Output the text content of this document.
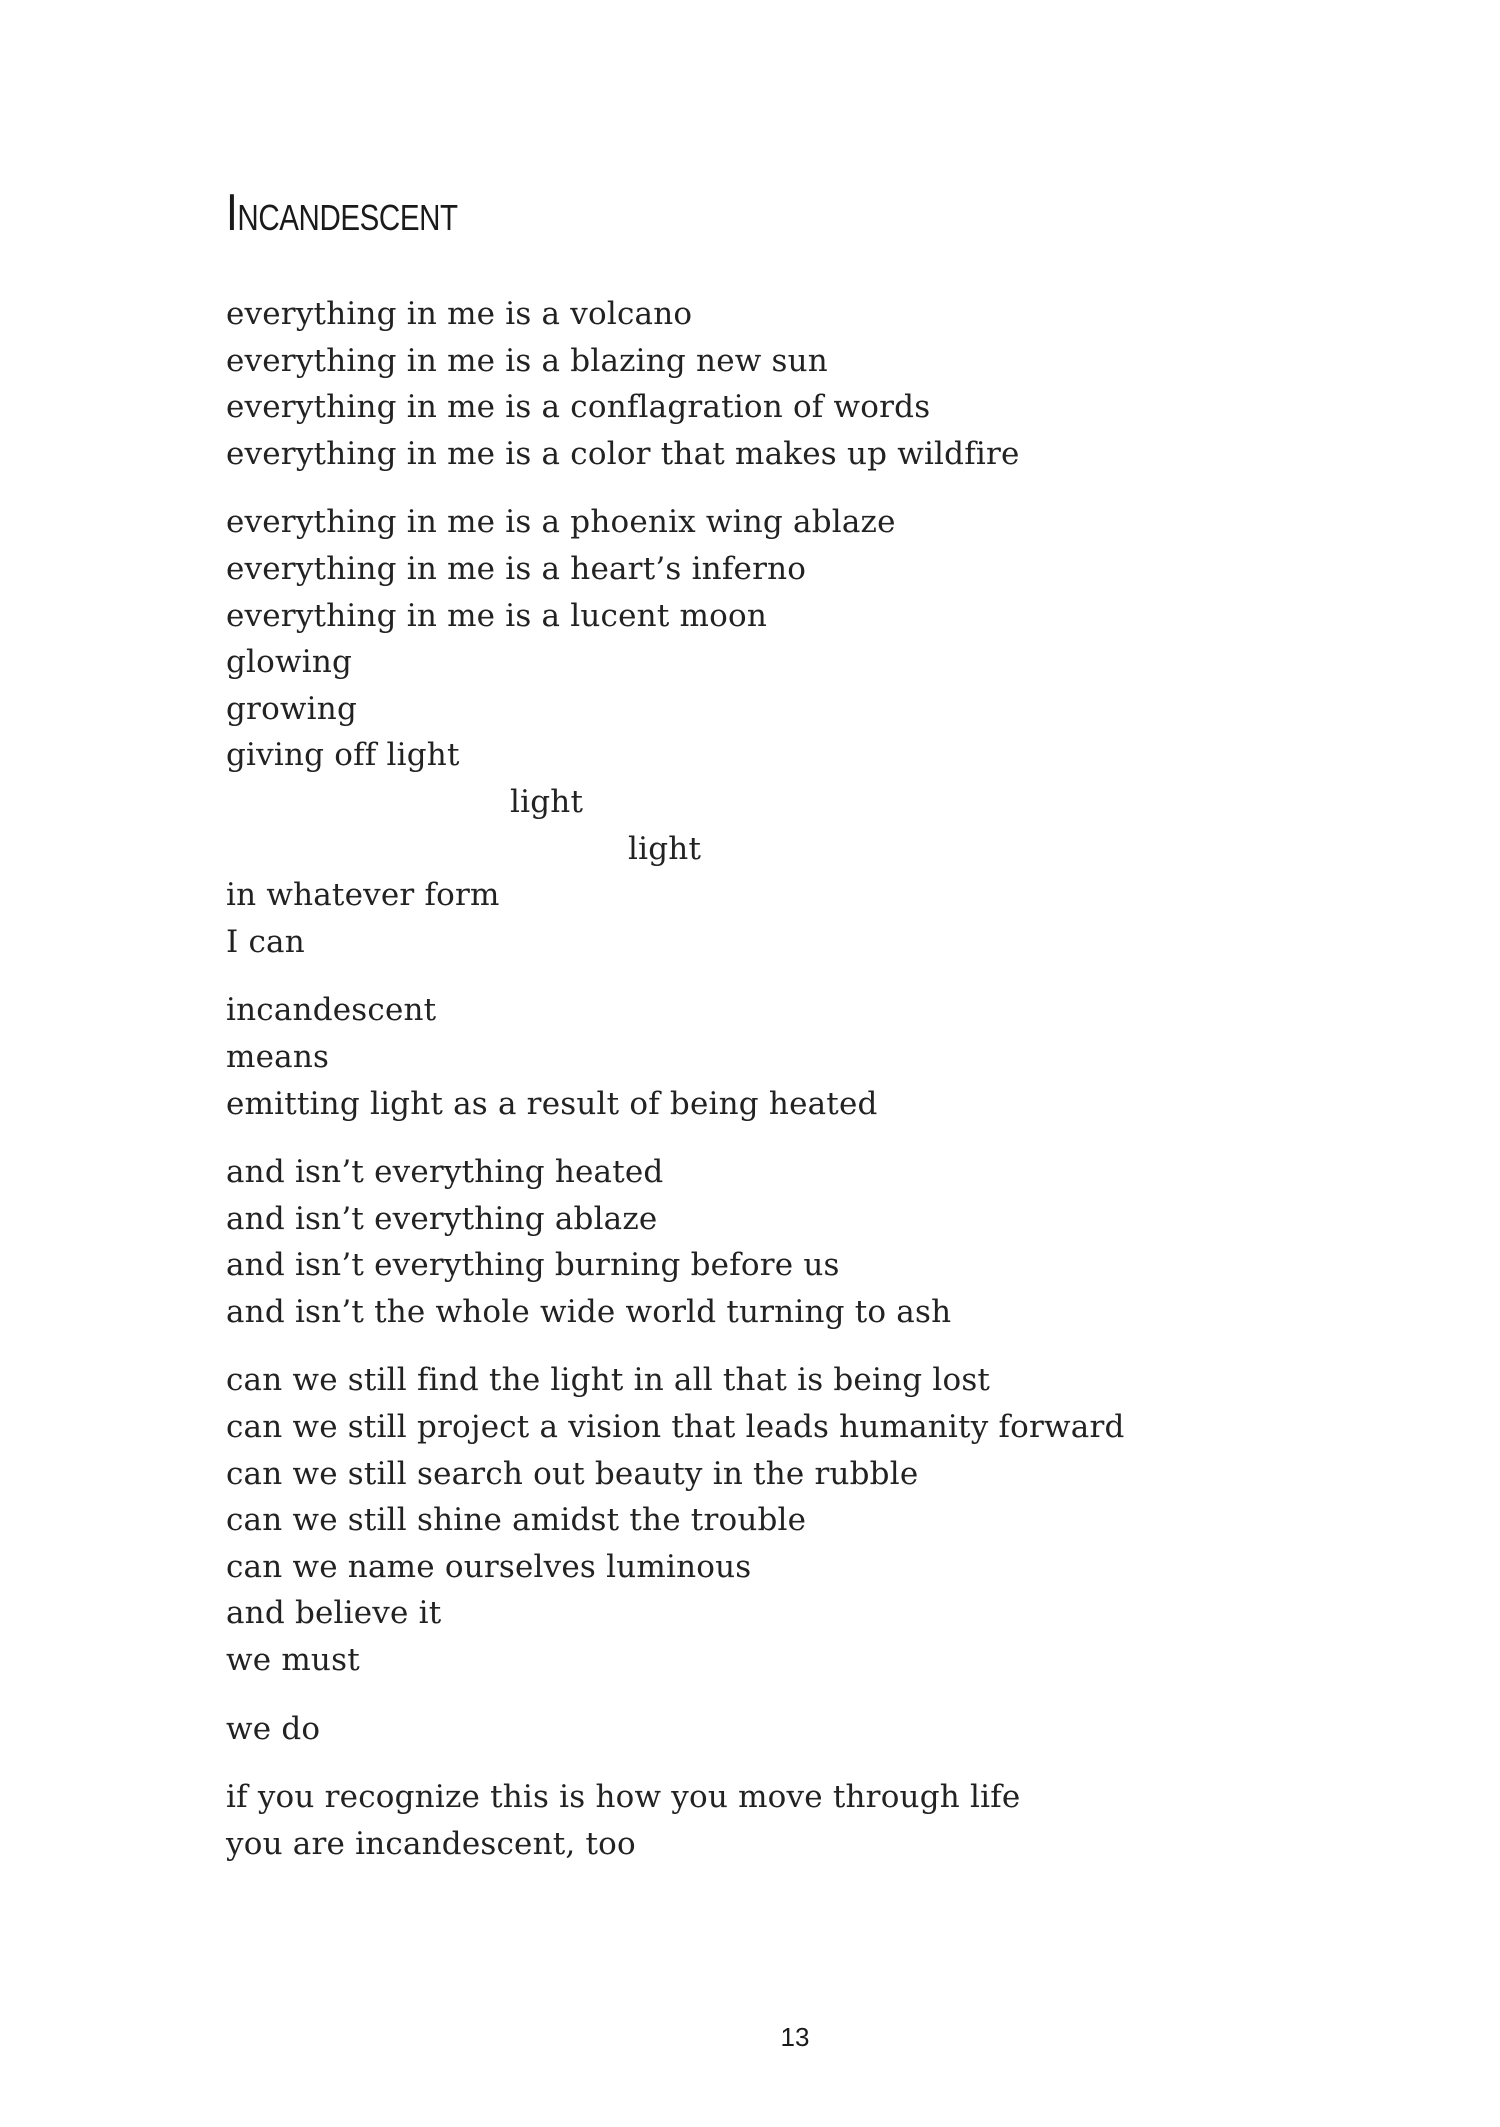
Incandescent
everything in me is a volcano
everything in me is a blazing new sun
everything in me is a conflagration of words
everything in me is a color that makes up wildfire
everything in me is a phoenix wing ablaze
everything in me is a heart’s inferno
everything in me is a lucent moon
glowing
growing
giving off light
light
light
in whatever form
I can
incandescent
means
emitting light as a result of being heated
and isn’t everything heated
and isn’t everything ablaze
and isn’t everything burning before us
and isn’t the whole wide world turning to ash
can we still find the light in all that is being lost
can we still project a vision that leads humanity forward
can we still search out beauty in the rubble
can we still shine amidst the trouble
can we name ourselves luminous
and believe it
we must
we do
if you recognize this is how you move through life
you are incandescent, too
13
